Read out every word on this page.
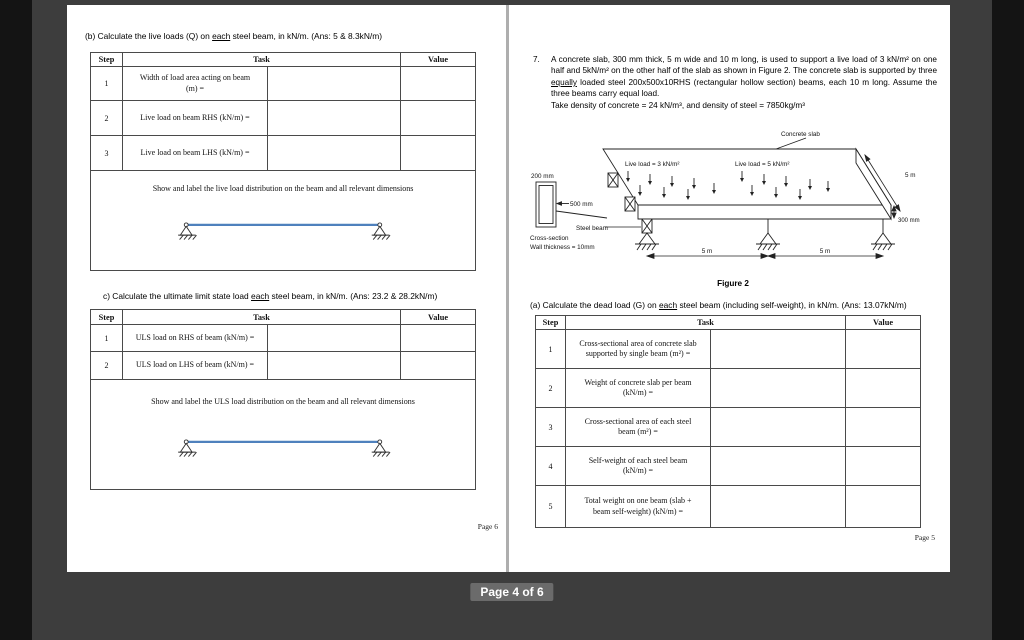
(b) Calculate the live loads (Q) on each steel beam, in kN/m. (Ans: 5 & 8.3kN/m)
Step	Task		Value
1	Width of load area acting on beam
(m) =		

2	Live load on beam RHS (kN/m) =		

3	Live load on beam LHS (kN/m) =		

Show and label the live load distribution on the beam and all relevant dimensions			
c) Calculate the ultimate limit state load each steel beam, in kN/m. (Ans: 23.2 & 28.2kN/m)
Step	Task		Value
1	ULS load on RHS of beam (kN/m) =		

2	ULS load on LHS of beam (kN/m) =		

Show and label the ULS load distribution on the beam and all relevant dimensions			
Page 6
7.	A concrete slab, 300 mm thick, 5 m wide and 10 m long, is used to support a live load of 3 kN/m² on one half and 5kN/m² on the other half of the slab as shown in Figure 2. The concrete slab is supported by three equally loaded steel 200x500x10RHS (rectangular hollow section) beams, each 10 m long. Assume the three beams carry equal load.

Take density of concrete = 24 kN/m³, and density of steel = 7850kg/m³

Concrete slab
Live load = 3 kN/m²	Live load = 5 kN/m²
200 mm
500 mm
Steel beam
Cross-section
Wall thickness = 10mm
5 m	5 m
5 m
300 mm
Figure 2
(a) Calculate the dead load (G) on each steel beam (including self-weight), in kN/m. (Ans: 13.07kN/m)
Step	Task		Value
1	Cross-sectional area of concrete slab
supported by single beam (m²) =		

2	Weight of concrete slab per beam
(kN/m) =		

3	Cross-sectional area of each steel
beam (m²) =		

4	Self-weight of each steel beam
(kN/m) =		

5	Total weight on one beam (slab +
beam self-weight) (kN/m) =		

Page 5
Page 4 of 6
